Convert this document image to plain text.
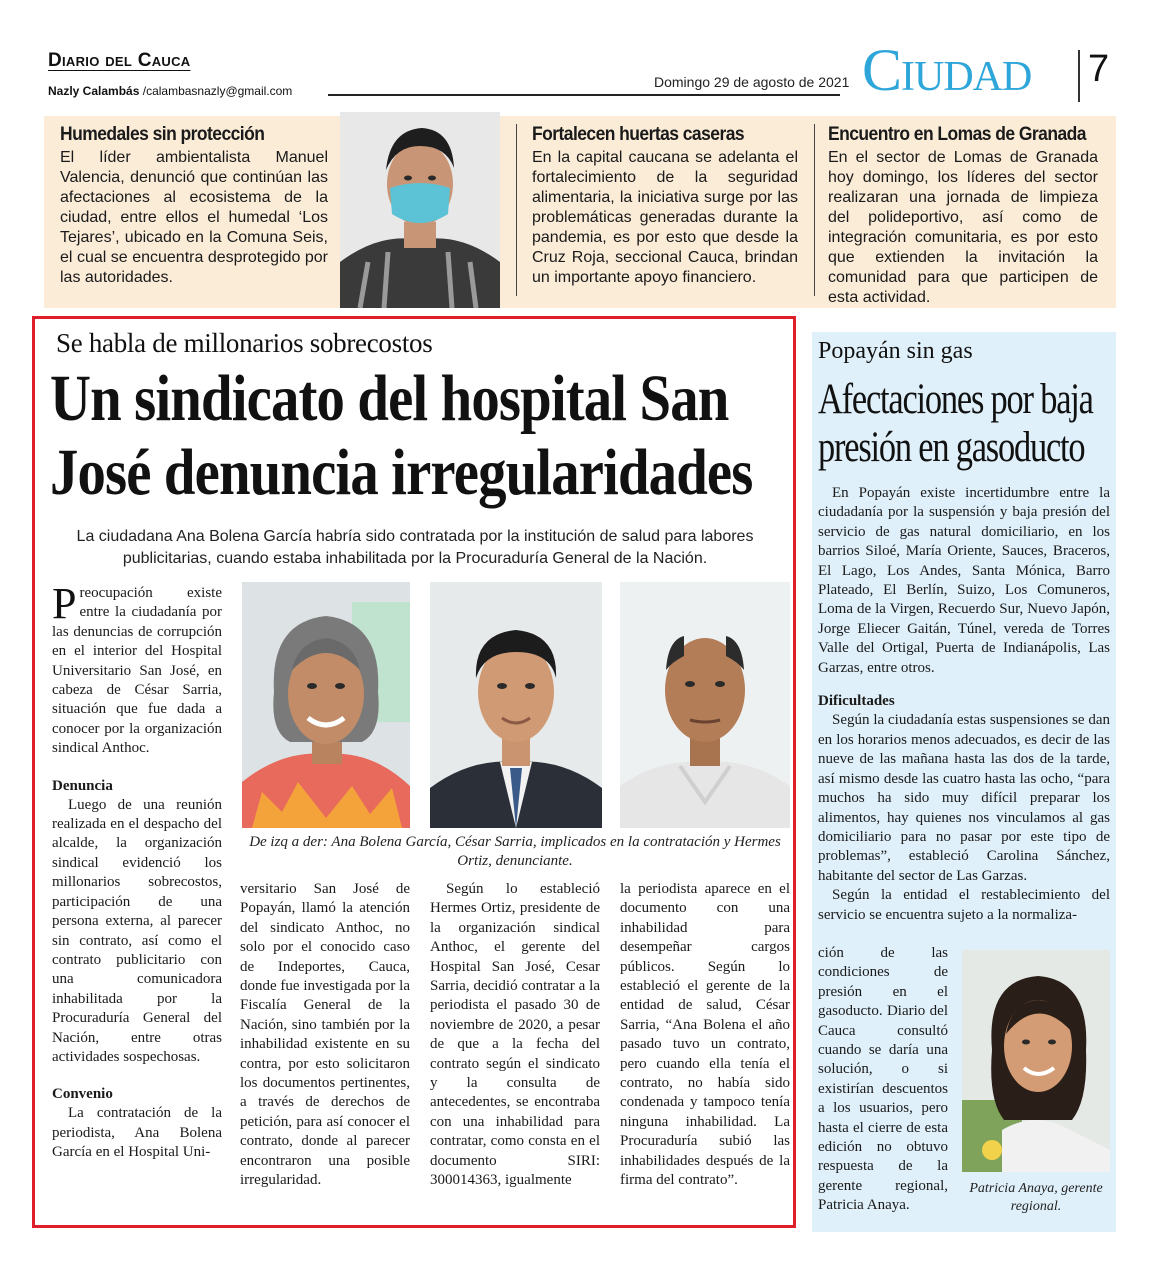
Diario del Cauca
Nazly Calambás /calambasnazly@gmail.com
Domingo 29 de agosto de 2021 Ciudad 7
Humedales sin protección

El líder ambientalista Manuel Valencia, denunció que continúan las afectaciones al ecosistema de la ciudad, entre ellos el humedal ‘Los Tejares’, ubicado en la Comuna Seis, el cual se encuentra desprotegido por las autoridades.

Fortalecen huertas caseras

En la capital caucana se adelanta el fortalecimiento de la seguridad alimentaria, la iniciativa surge por las problemáticas generadas durante la pandemia, es por esto que desde la Cruz Roja, seccional Cauca, brindan un importante apoyo financiero.

Encuentro en Lomas de Granada

En el sector de Lomas de Granada hoy domingo, los líderes del sector realizaran una jornada de limpieza del polideportivo, así como de integración comunitaria, es por esto que extienden la invitación la comunidad para que participen de esta actividad.

Se habla de millonarios sobrecostos
Un sindicato del hospital San José denuncia irregularidades
La ciudadana Ana Bolena García habría sido contratada por la institución de salud para labores publicitarias, cuando estaba inhabilitada por la Procuraduría General de la Nación.

Preocupación existe entre la ciudadanía por las denuncias de corrupción en el interior del Hospital Universitario San José, en cabeza de César Sarria, situación que fue dada a conocer por la organización sindical Anthoc.

Denuncia

Luego de una reunión realizada en el despacho del alcalde, la organización sindical evidenció los millonarios sobrecostos, participación de una persona externa, al parecer sin contrato, así como el contrato publicitario con una comunicadora inhabilitada por la Procuraduría General del Nación, entre otras actividades sospechosas.

Convenio

La contratación de la periodista, Ana Bolena García en el Hospital Uni-

De izq a der: Ana Bolena García, César Sarria, implicados en la contratación y Hermes Ortiz, denunciante.

versitario San José de Popayán, llamó la atención del sindicato Anthoc, no solo por el conocido caso de Indeportes, Cauca, donde fue investigada por la Fiscalía General de la Nación, sino también por la inhabilidad existente en su contra, por esto solicitaron los documentos pertinentes, a través de derechos de petición, para así conocer el contrato, donde al parecer encontraron una posible irregularidad.

Según lo estableció Hermes Ortiz, presidente de la organización sindical Anthoc, el gerente del Hospital San José, Cesar Sarria, decidió contratar a la periodista el pasado 30 de noviembre de 2020, a pesar de que a la fecha del contrato según el sindicato y la consulta de antecedentes, se encontraba con una inhabilidad para contratar, como consta en el documento SIRI: 300014363, igualmente

la periodista aparece en el documento con una inhabilidad para desempeñar cargos públicos. Según lo estableció el gerente de la entidad de salud, César Sarria, “Ana Bolena el año pasado tuvo un contrato, pero cuando ella tenía el contrato, no había sido condenada y tampoco tenía ninguna inhabilidad. La Procuraduría subió las inhabilidades después de la firma del contrato”.

Popayán sin gas
Afectaciones por baja presión en gasoducto

En Popayán existe incertidumbre entre la ciudadanía por la suspensión y baja presión del servicio de gas natural domiciliario, en los barrios Siloé, María Oriente, Sauces, Braceros, El Lago, Los Andes, Santa Mónica, Barro Plateado, El Berlín, Suizo, Los Comuneros, Loma de la Virgen, Recuerdo Sur, Nuevo Japón, Jorge Eliecer Gaitán, Túnel, vereda de Torres Valle del Ortigal, Puerta de Indianápolis, Las Garzas, entre otros.

Dificultades

Según la ciudadanía estas suspensiones se dan en los horarios menos adecuados, es decir de las nueve de las mañana hasta las dos de la tarde, así mismo desde las cuatro hasta las ocho, “para muchos ha sido muy difícil preparar los alimentos, hay quienes nos vinculamos al gas domiciliario para no pasar por este tipo de problemas”, estableció Carolina Sánchez, habitante del sector de Las Garzas.

Según la entidad el restablecimiento del servicio se encuentra sujeto a la normaliza-

ción de las condiciones de presión en el gasoducto. Diario del Cauca consultó cuando se daría una solución, o si existirían descuentos a los usuarios, pero hasta el cierre de esta edición no obtuvo respuesta de la gerente regional, Patricia Anaya.
Patricia Anaya, gerente regional.
